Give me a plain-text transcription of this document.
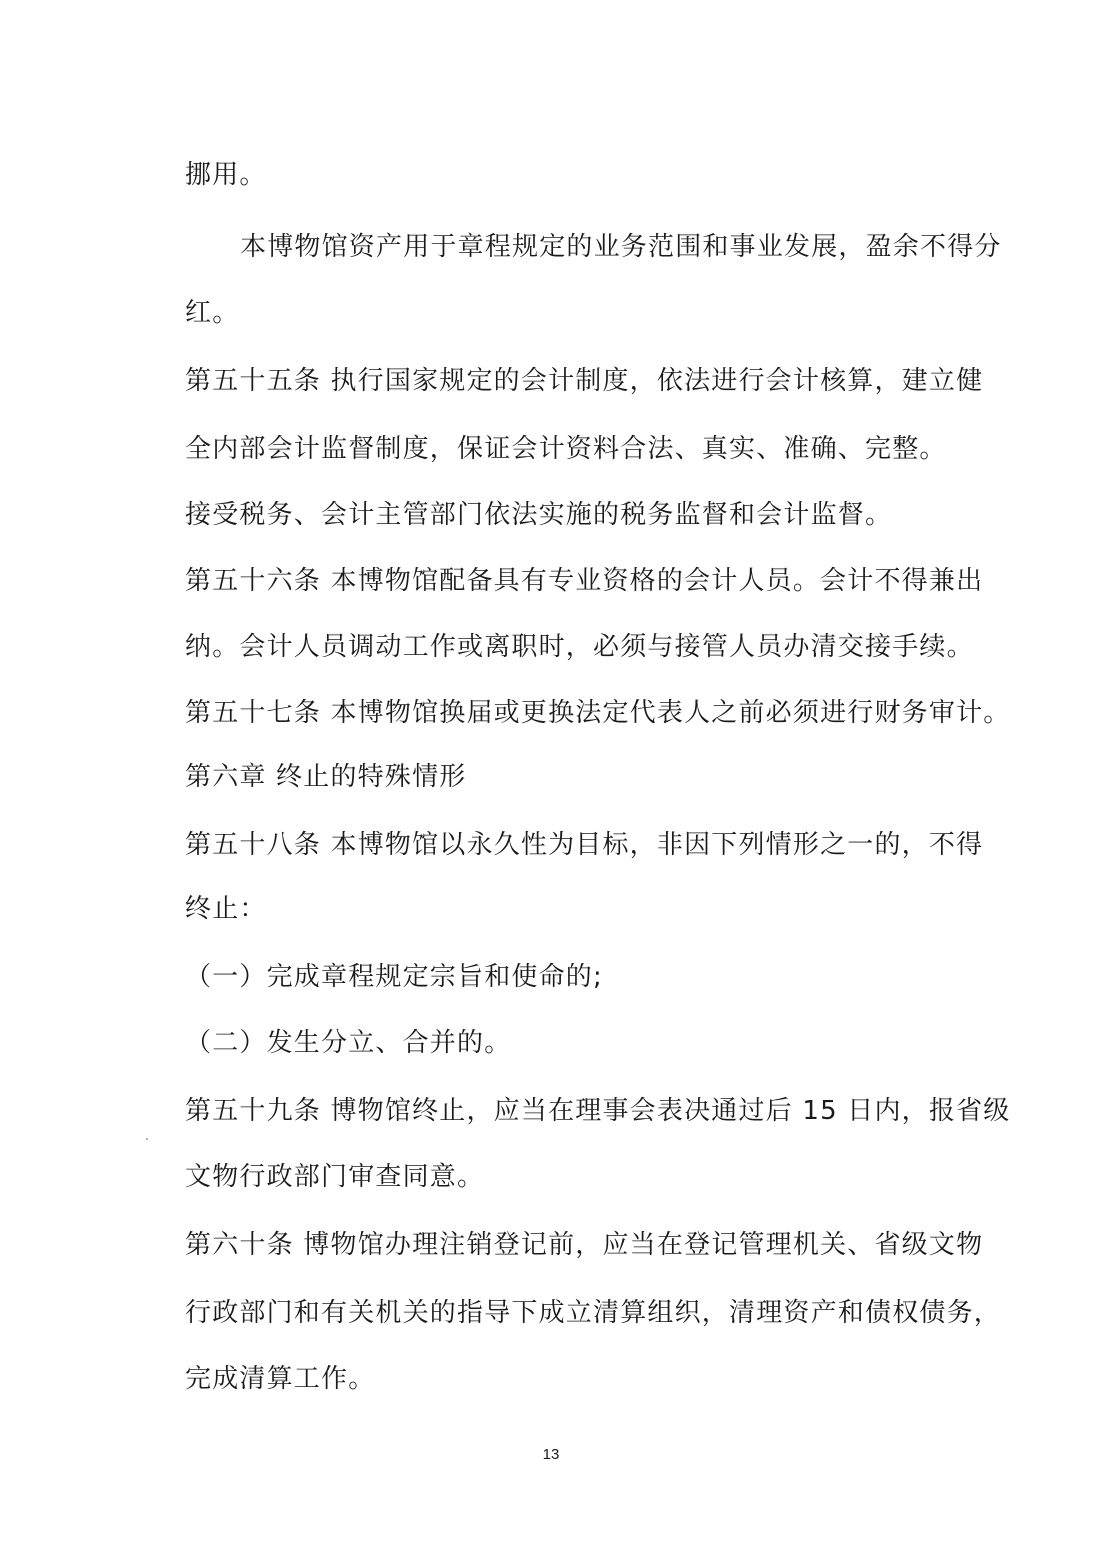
挪用。
本博物馆资产用于章程规定的业务范围和事业发展，盈余不得分
红。
第五十五条 执行国家规定的会计制度，依法进行会计核算，建立健
全内部会计监督制度，保证会计资料合法、真实、准确、完整。
接受税务、会计主管部门依法实施的税务监督和会计监督。
第五十六条 本博物馆配备具有专业资格的会计人员。会计不得兼出
纳。会计人员调动工作或离职时，必须与接管人员办清交接手续。
第五十七条 本博物馆换届或更换法定代表人之前必须进行财务审计。
第六章 终止的特殊情形
第五十八条 本博物馆以永久性为目标，非因下列情形之一的，不得
终止：
（一）完成章程规定宗旨和使命的;
（二）发生分立、合并的。
第五十九条 博物馆终止，应当在理事会表决通过后 15 日内，报省级
文物行政部门审查同意。
第六十条 博物馆办理注销登记前，应当在登记管理机关、省级文物
行政部门和有关机关的指导下成立清算组织，清理资产和债权债务，
完成清算工作。
13
